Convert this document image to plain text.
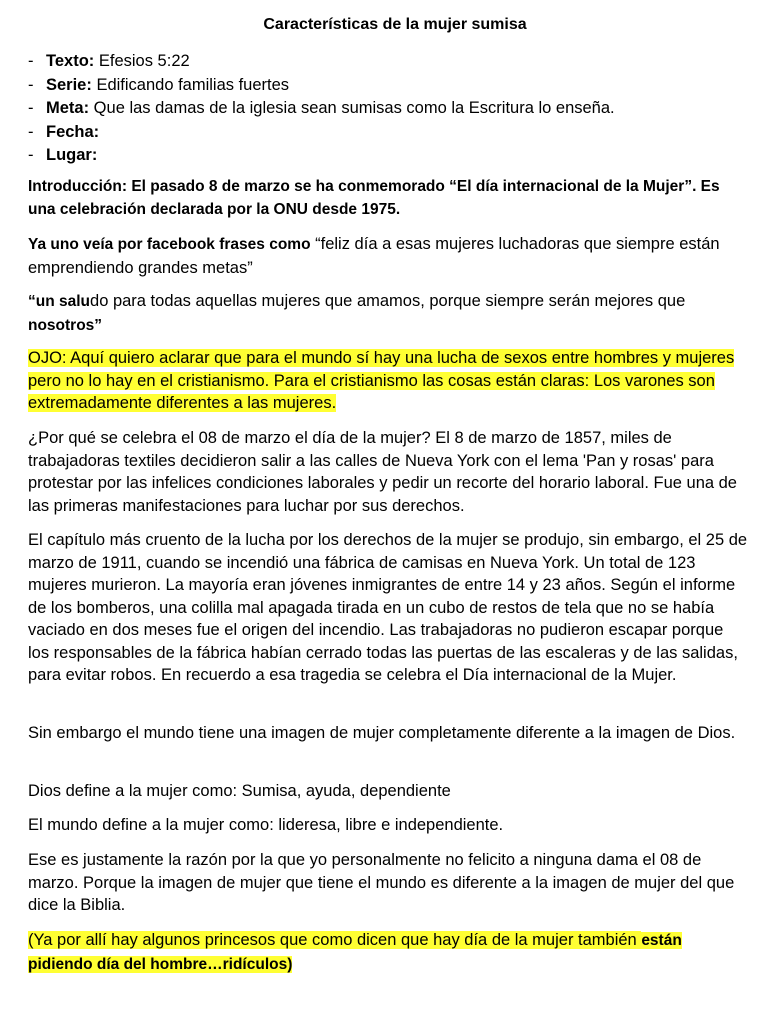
Características de la mujer sumisa
- Texto: Efesios 5:22
- Serie: Edificando familias fuertes
- Meta: Que las damas de la iglesia sean sumisas como la Escritura lo enseña.
- Fecha:
- Lugar:

Introducción: El pasado 8 de marzo se ha conmemorado “El día internacional de la Mujer”. Es una celebración declarada por la ONU desde 1975.

Ya uno veía por facebook frases como “feliz día a esas mujeres luchadoras que siempre están emprendiendo grandes metas”

“un saludo para todas aquellas mujeres que amamos, porque siempre serán mejores que nosotros”

OJO: Aquí quiero aclarar que para el mundo sí hay una lucha de sexos entre hombres y mujeres pero no lo hay en el cristianismo. Para el cristianismo las cosas están claras: Los varones son extremadamente diferentes a las mujeres.

¿Por qué se celebra el 08 de marzo el día de la mujer? El 8 de marzo de 1857, miles de trabajadoras textiles decidieron salir a las calles de Nueva York con el lema 'Pan y rosas' para protestar por las infelices condiciones laborales y pedir un recorte del horario laboral. Fue una de las primeras manifestaciones para luchar por sus derechos.

El capítulo más cruento de la lucha por los derechos de la mujer se produjo, sin embargo, el 25 de marzo de 1911, cuando se incendió una fábrica de camisas en Nueva York. Un total de 123 mujeres murieron. La mayoría eran jóvenes inmigrantes de entre 14 y 23 años. Según el informe de los bomberos, una colilla mal apagada tirada en un cubo de restos de tela que no se había vaciado en dos meses fue el origen del incendio. Las trabajadoras no pudieron escapar porque los responsables de la fábrica habían cerrado todas las puertas de las escaleras y de las salidas, para evitar robos. En recuerdo a esa tragedia se celebra el Día internacional de la Mujer.

Sin embargo el mundo tiene una imagen de mujer completamente diferente a la imagen de Dios.

Dios define a la mujer como: Sumisa, ayuda, dependiente

El mundo define a la mujer como: lideresa, libre e independiente.

Ese es justamente la razón por la que yo personalmente no felicito a ninguna dama el 08 de marzo. Porque la imagen de mujer que tiene el mundo es diferente a la imagen de mujer del que dice la Biblia.

(Ya por allí hay algunos princesos que como dicen que hay día de la mujer también están pidiendo día del hombre…ridículos)
